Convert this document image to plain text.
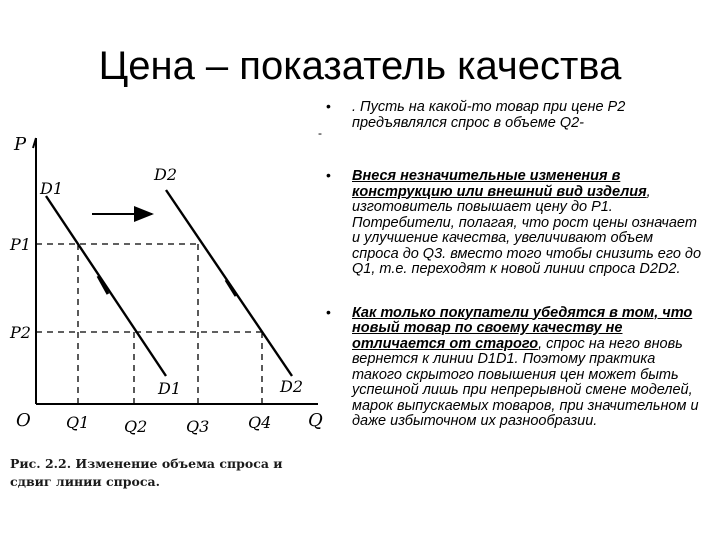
Цена – показатель качества
-
• . Пусть на какой-то товар при цене Р2 предъявлялся спрос в объеме Q2-
• Внеся незначительные изменения в конструкцию или внешний вид изделия, изготовитель повышает цену до Р1. Потребители, полагая, что рост цены означает и улучшение качества, увеличивают объем спроса до Q3. вместо того чтобы снизить его до Q1, т.е. переходят к новой линии спроса D2D2.
• Как только покупатели убедятся в том, что новый товар по своему качеству не отличается от старого, спрос на него вновь вернется к линии D1D1. Поэтому практика такого скрытого повышения цен может быть успешной лишь при непрерывной смене моделей, марок выпускаемых товаров, при значительном и даже избыточном их разнообразии.
P
Q
O
P1
P2
Q1 Q2 Q3 Q4
D1
D1
D2
D2
Рис. 2.2. Изменение объема спроса и
сдвиг линии спроса.
